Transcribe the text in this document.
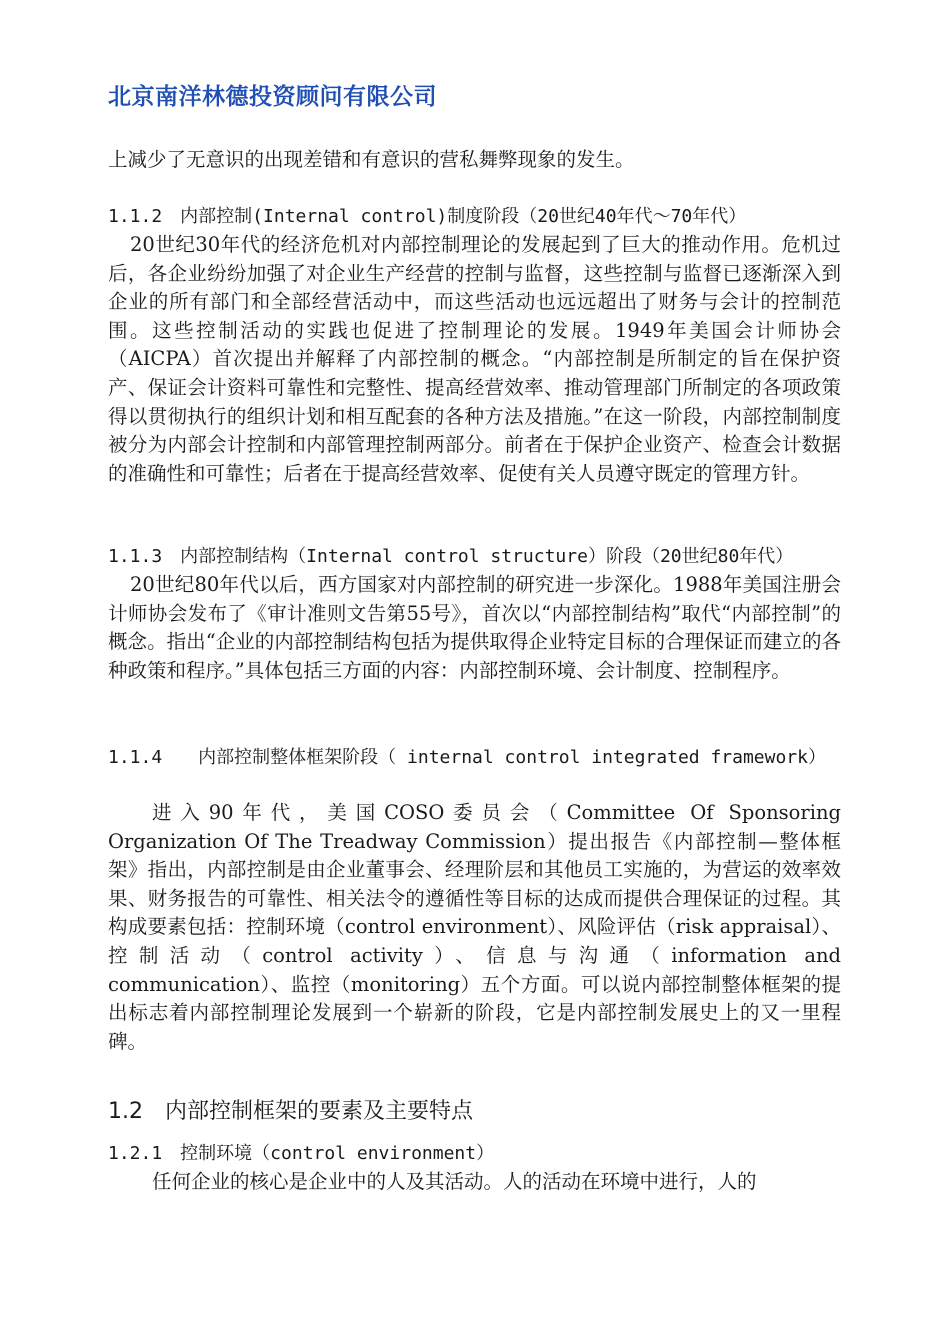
北京南洋林德投资顾问有限公司

上减少了无意识的出现差错和有意识的营私舞弊现象的发生。

1.1.2　内部控制(Internal control)制度阶段（20世纪40年代～70年代）

20世纪30年代的经济危机对内部控制理论的发展起到了巨大的推动作用。危机过后，各企业纷纷加强了对企业生产经营的控制与监督，这些控制与监督已逐渐深入到企业的所有部门和全部经营活动中，而这些活动也远远超出了财务与会计的控制范围。这些控制活动的实践也促进了控制理论的发展。1949年美国会计师协会（AICPA）首次提出并解释了内部控制的概念。“内部控制是所制定的旨在保护资产、保证会计资料可靠性和完整性、提高经营效率、推动管理部门所制定的各项政策得以贯彻执行的组织计划和相互配套的各种方法及措施。”在这一阶段，内部控制制度被分为内部会计控制和内部管理控制两部分。前者在于保护企业资产、检查会计数据的准确性和可靠性；后者在于提高经营效率、促使有关人员遵守既定的管理方针。

1.1.3　内部控制结构（Internal control structure）阶段（20世纪80年代）

20世纪80年代以后，西方国家对内部控制的研究进一步深化。1988年美国注册会计师协会发布了《审计准则文告第55号》，首次以“内部控制结构”取代“内部控制”的概念。指出“企业的内部控制结构包括为提供取得企业特定目标的合理保证而建立的各种政策和程序。”具体包括三方面的内容：内部控制环境、会计制度、控制程序。

1.1.4　　内部控制整体框架阶段（ internal control integrated framework）

进入90年代，美国COSO委员会（Committee Of Sponsoring Organization Of The Treadway Commission）提出报告《内部控制—整体框架》指出，内部控制是由企业董事会、经理阶层和其他员工实施的，为营运的效率效果、财务报告的可靠性、相关法令的遵循性等目标的达成而提供合理保证的过程。其构成要素包括：控制环境（control environment）、风险评估（risk appraisal）、控制活动（control activity）、信息与沟通（information and communication）、监控（monitoring）五个方面。可以说内部控制整体框架的提出标志着内部控制理论发展到一个崭新的阶段，它是内部控制发展史上的又一里程碑。

1.2　内部控制框架的要素及主要特点

1.2.1　控制环境（control environment）

任何企业的核心是企业中的人及其活动。人的活动在环境中进行，人的
